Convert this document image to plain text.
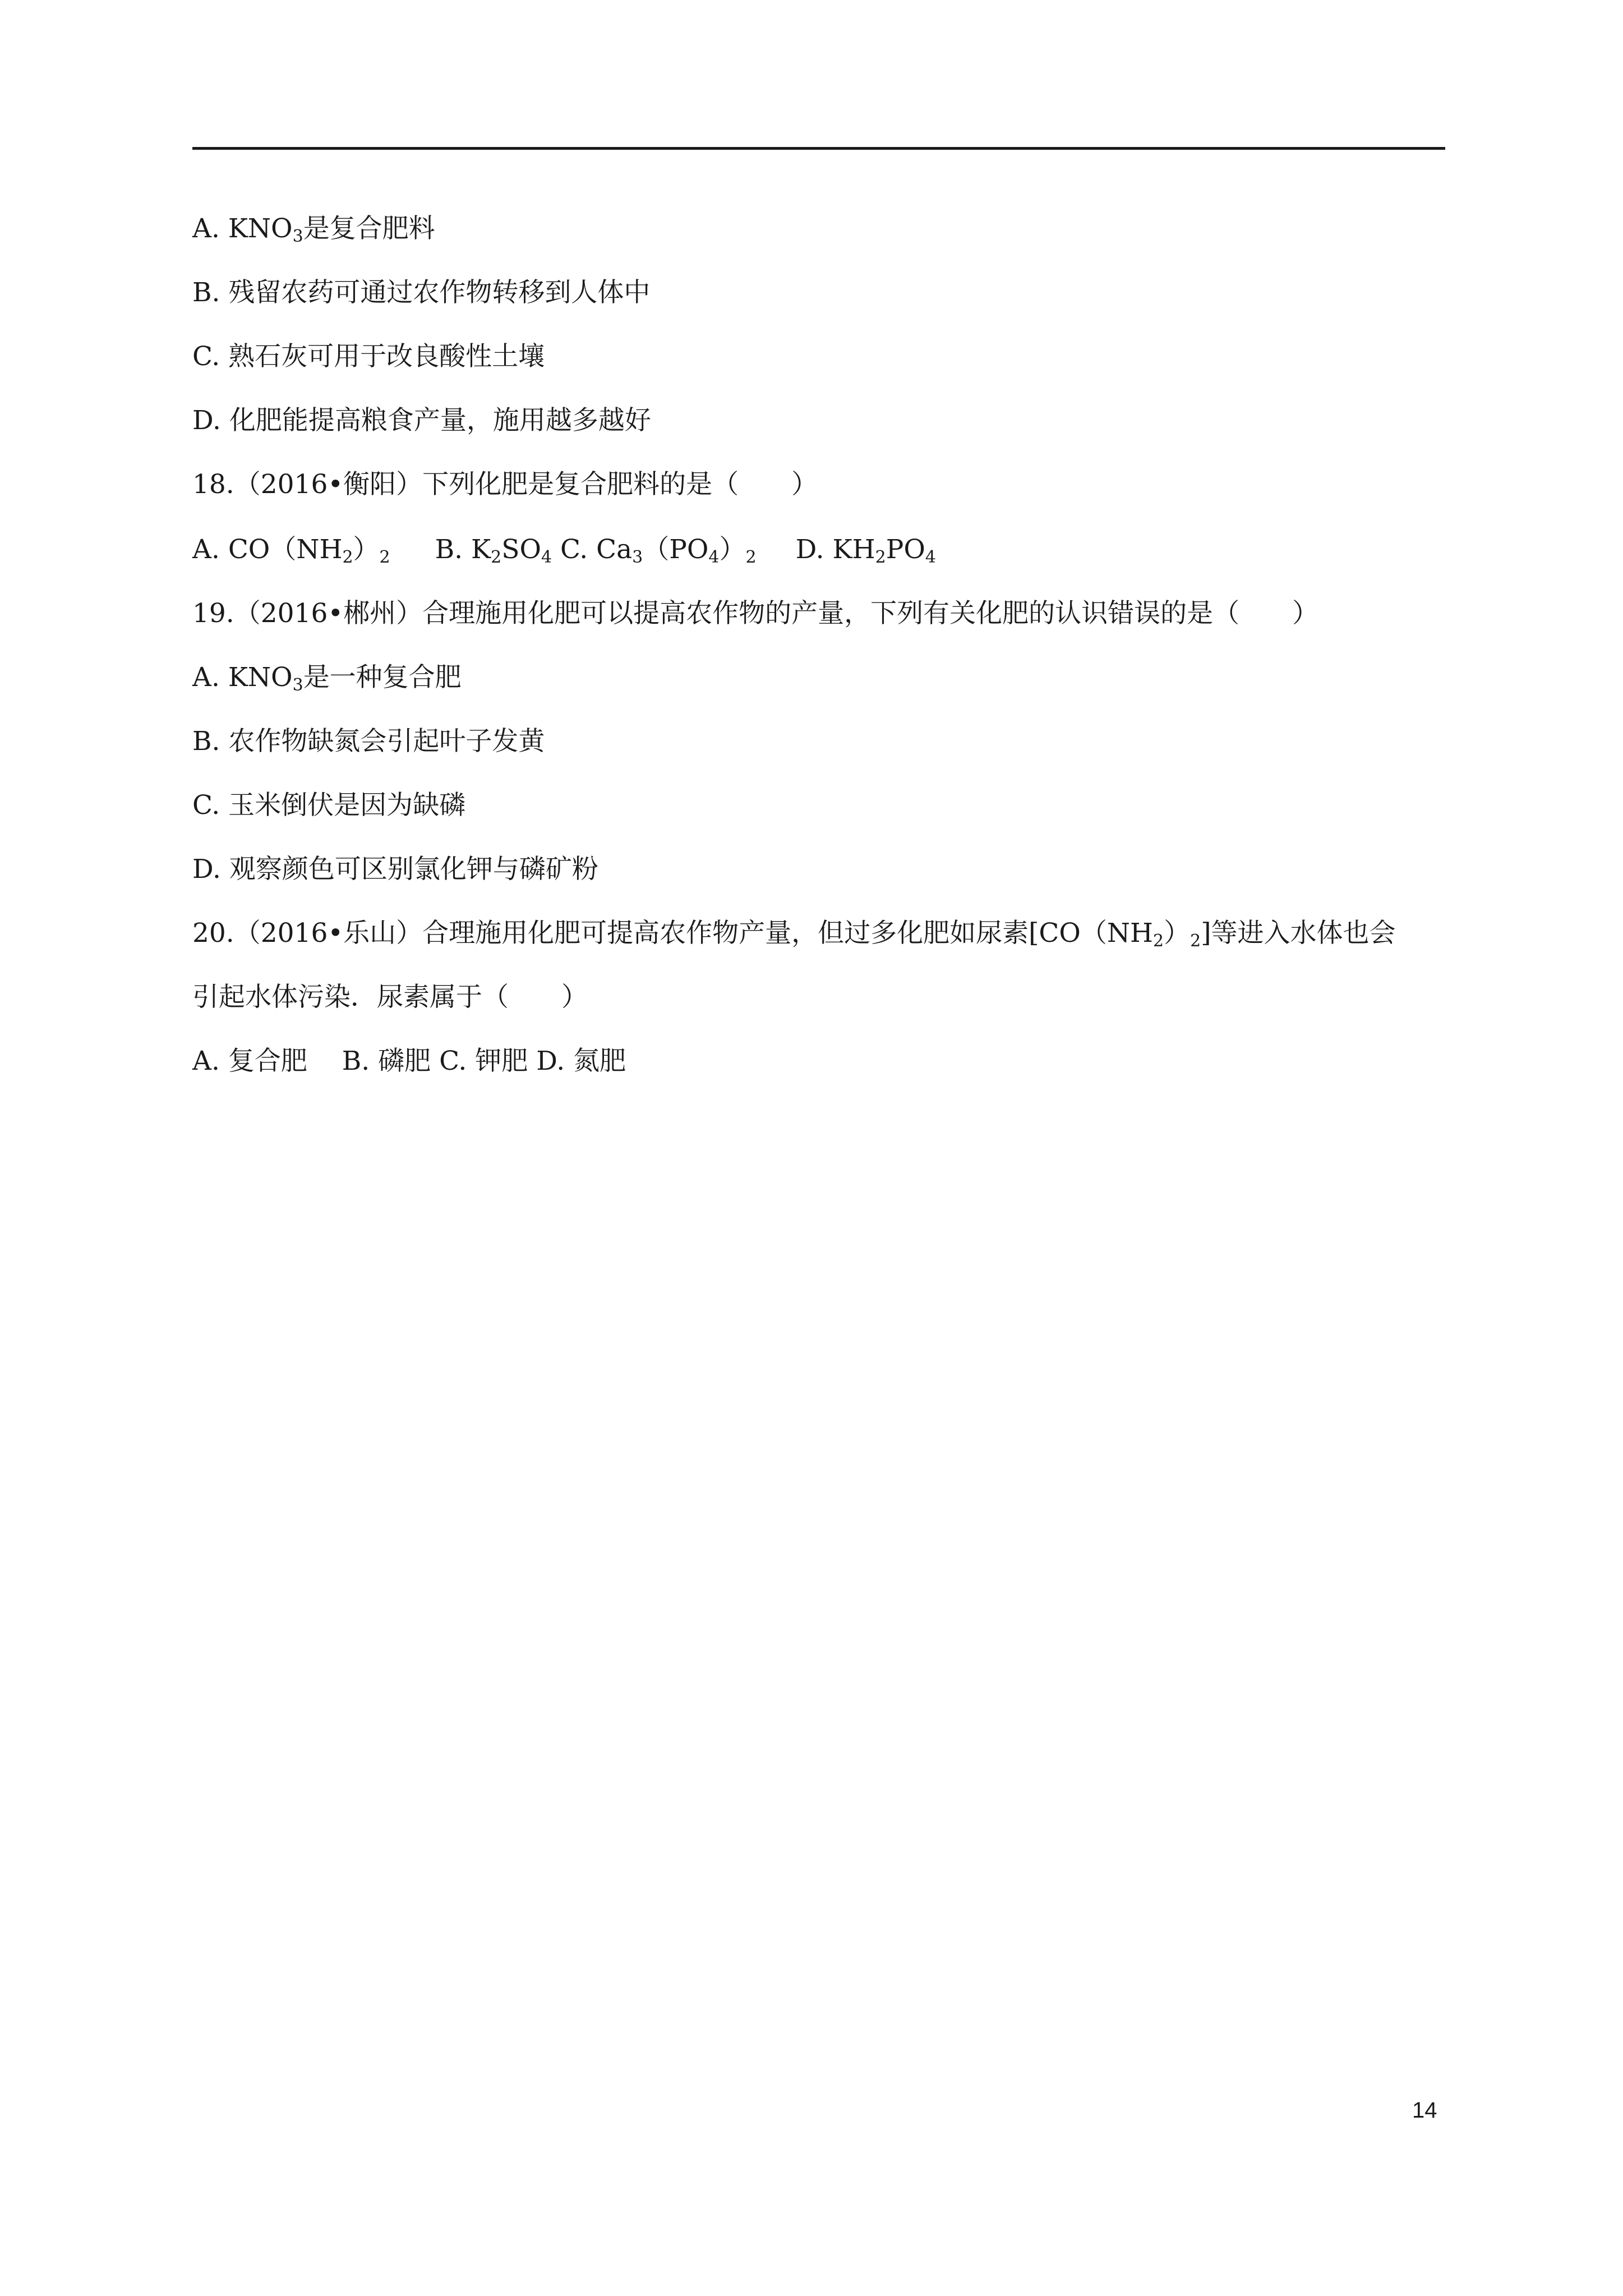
A. $KNO_3$是复合肥料
B. 残留农药可通过农作物转移到人体中
C. 熟石灰可用于改良酸性土壤
D. 化肥能提高粮食产量，施用越多越好
18.（2016•衡阳）下列化肥是复合肥料的是（　　）
A. $CO(NH_2)_2$ B. $K_2SO_4$ C. $Ca_3(PO_4)_2$ D. $KH_2PO_4$
19.（2016•郴州）合理施用化肥可以提高农作物的产量，下列有关化肥的认识错误的是（　　）
A. $KNO_3$是一种复合肥
B. 农作物缺氮会引起叶子发黄
C. 玉米倒伏是因为缺磷
D. 观察颜色可区别氯化钾与磷矿粉
20.（2016•乐山）合理施用化肥可提高农作物产量，但过多化肥如尿素$[CO(NH_2)_2]$等进入水体也会
引起水体污染．尿素属于（　　）
A. 复合肥　 B. 磷肥 C. 钾肥 D. 氮肥
14
